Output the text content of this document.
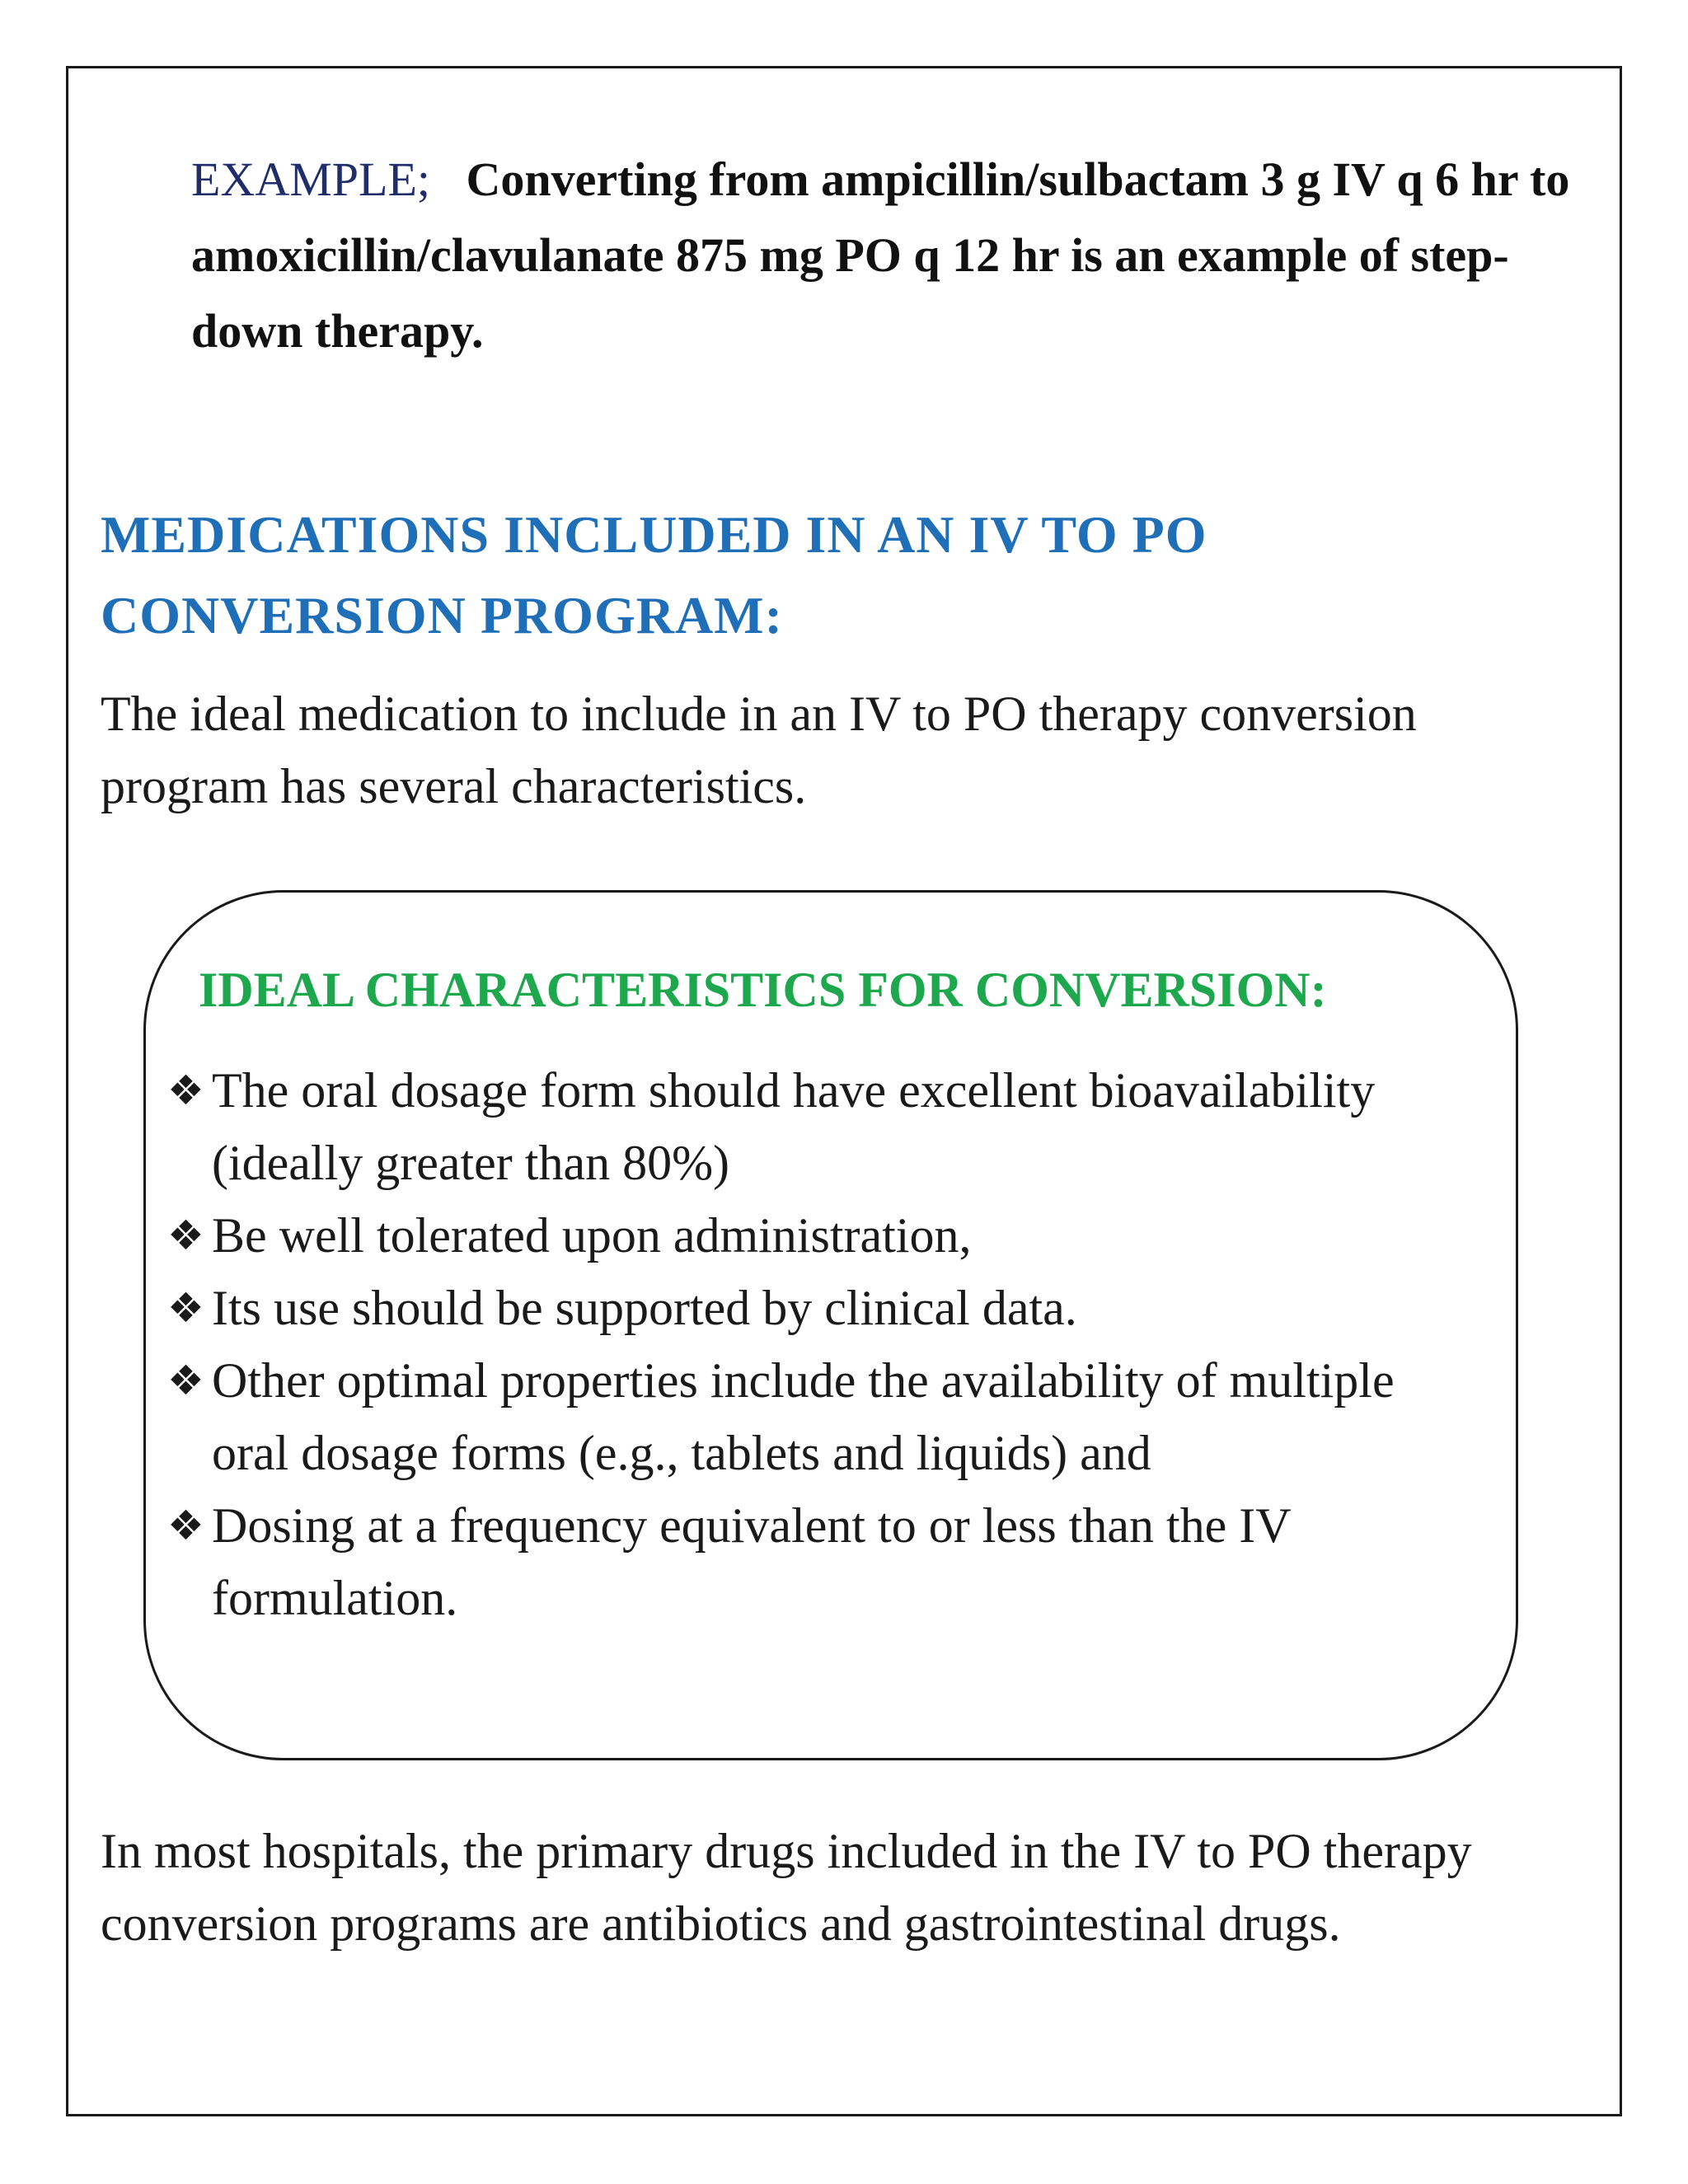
EXAMPLE; Converting from ampicillin/sulbactam 3 g IV q 6 hr to amoxicillin/clavulanate 875 mg PO q 12 hr is an example of step-down therapy.
MEDICATIONS INCLUDED IN AN IV TO PO
CONVERSION PROGRAM:
The ideal medication to include in an IV to PO therapy conversion program has several characteristics.
IDEAL CHARACTERISTICS FOR CONVERSION:
❖ The oral dosage form should have excellent bioavailability (ideally greater than 80%)
❖ Be well tolerated upon administration,
❖ Its use should be supported by clinical data.
❖ Other optimal properties include the availability of multiple oral dosage forms (e.g., tablets and liquids) and
❖ Dosing at a frequency equivalent to or less than the IV formulation.
In most hospitals, the primary drugs included in the IV to PO therapy conversion programs are antibiotics and gastrointestinal drugs.
